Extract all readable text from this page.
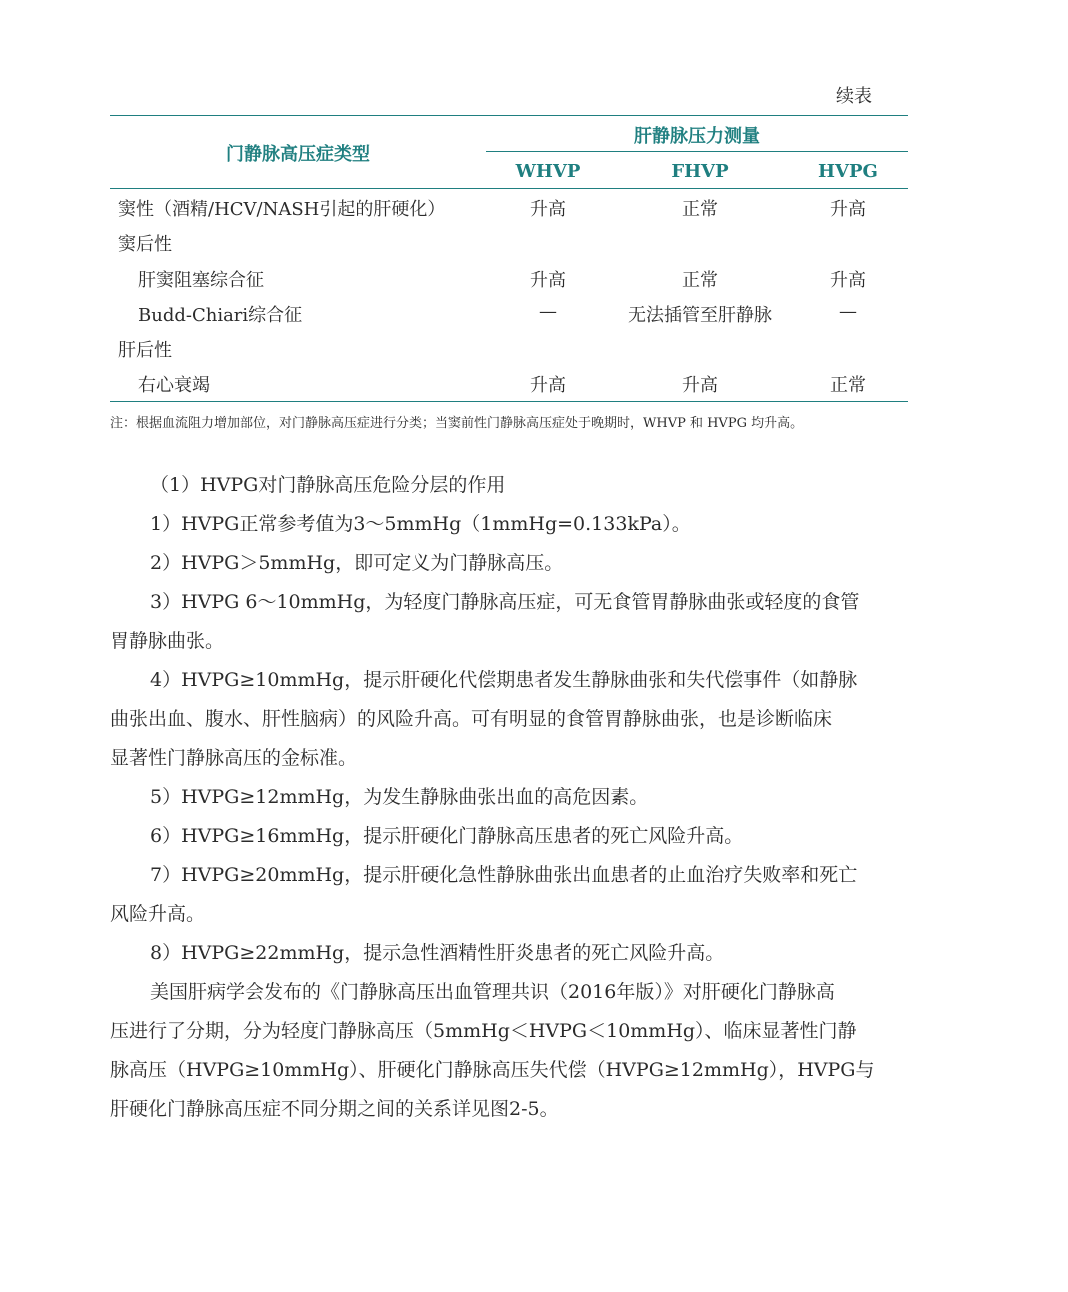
续表
门静脉高压症类型
肝静脉压力测量
WHVP	FHVP	HVPG
窦性（酒精/HCV/NASH引起的肝硬化）	升高	正常	升高
窦后性
肝窦阻塞综合征	升高	正常	升高
Budd-Chiari综合征	—	无法插管至肝静脉	—
肝后性
右心衰竭	升高	升高	正常
注：根据血流阻力增加部位，对门静脉高压症进行分类；当窦前性门静脉高压症处于晚期时，WHVP 和 HVPG 均升高。
（1）HVPG对门静脉高压危险分层的作用
1）HVPG正常参考值为3～5mmHg（1mmHg=0.133kPa）。
2）HVPG＞5mmHg，即可定义为门静脉高压。
3）HVPG 6～10mmHg，为轻度门静脉高压症，可无食管胃静脉曲张或轻度的食管
胃静脉曲张。
4）HVPG≥10mmHg，提示肝硬化代偿期患者发生静脉曲张和失代偿事件（如静脉
曲张出血、腹水、肝性脑病）的风险升高。可有明显的食管胃静脉曲张，也是诊断临床
显著性门静脉高压的金标准。
5）HVPG≥12mmHg，为发生静脉曲张出血的高危因素。
6）HVPG≥16mmHg，提示肝硬化门静脉高压患者的死亡风险升高。
7）HVPG≥20mmHg，提示肝硬化急性静脉曲张出血患者的止血治疗失败率和死亡
风险升高。
8）HVPG≥22mmHg，提示急性酒精性肝炎患者的死亡风险升高。
美国肝病学会发布的《门静脉高压出血管理共识（2016年版）》对肝硬化门静脉高
压进行了分期，分为轻度门静脉高压（5mmHg＜HVPG＜10mmHg）、临床显著性门静
脉高压（HVPG≥10mmHg）、肝硬化门静脉高压失代偿（HVPG≥12mmHg），HVPG与
肝硬化门静脉高压症不同分期之间的关系详见图2-5。
